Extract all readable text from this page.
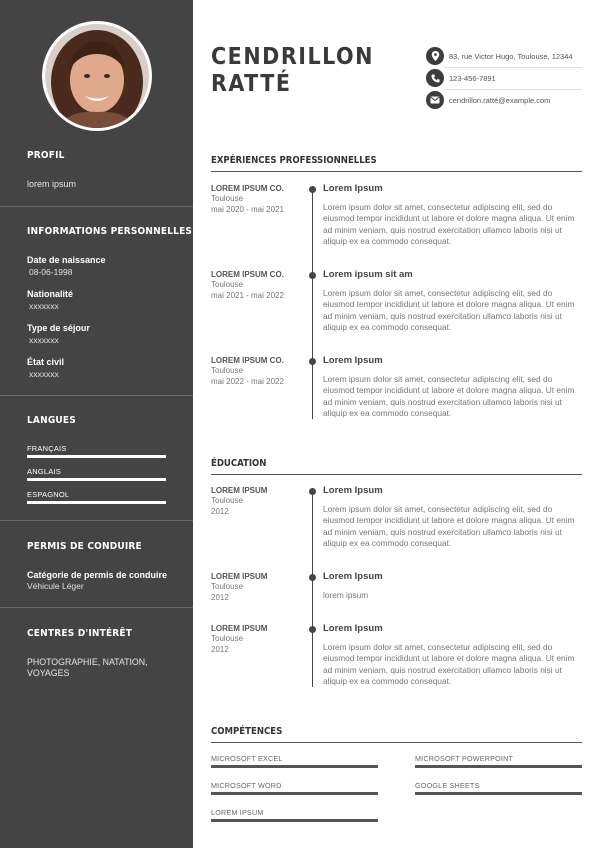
PROFIL
lorem ipsum
INFORMATIONS PERSONNELLES
Date de naissance
08-06-1998
Nationalité
xxxxxxx
Type de séjour
xxxxxxx
État civil
xxxxxxx
LANGUES
FRANÇAIS
ANGLAIS
ESPAGNOL
PERMIS DE CONDUIRE
Catégorie de permis de conduire
Véhicule Léger
CENTRES D'INTÉRÊT
PHOTOGRAPHIE, NATATION, VOYAGES
CENDRILLON
RATTÉ
83, rue Victor Hugo, Toulouse, 12344
123-456-7891
cendrillon.ratté@example.com
EXPÉRIENCES PROFESSIONNELLES
LOREM IPSUM CO.
Toulouse
mai 2020 - mai 2021
Lorem Ipsum
Lorem ipsum dolor sit amet, consectetur adipiscing elit, sed do eiusmod tempor incididunt ut labore et dolore magna aliqua. Ut enim ad minim veniam, quis nostrud exercitation ullamco laboris nisi ut aliquip ex ea commodo consequat.
LOREM IPSUM CO.
Toulouse
mai 2021 - mai 2022
Lorem ipsum sit am
Lorem ipsum dolor sit amet, consectetur adipiscing elit, sed do eiusmod tempor incididunt ut labore et dolore magna aliqua. Ut enim ad minim veniam, quis nostrud exercitation ullamco laboris nisi ut aliquip ex ea commodo consequat.
LOREM IPSUM CO.
Toulouse
mai 2022 - mai 2022
Lorem Ipsum
Lorem ipsum dolor sit amet, consectetur adipiscing elit, sed do eiusmod tempor incididunt ut labore et dolore magna aliqua. Ut enim ad minim veniam, quis nostrud exercitation ullamco laboris nisi ut aliquip ex ea commodo consequat.
ÉDUCATION
LOREM IPSUM
Toulouse
2012
Lorem Ipsum
Lorem ipsum dolor sit amet, consectetur adipiscing elit, sed do eiusmod tempor incididunt ut labore et dolore magna aliqua. Ut enim ad minim veniam, quis nostrud exercitation ullamco laboris nisi ut aliquip ex ea commodo consequat.
LOREM IPSUM
Toulouse
2012
Lorem Ipsum
lorem ipsum
LOREM IPSUM
Toulouse
2012
Lorem Ipsum
Lorem ipsum dolor sit amet, consectetur adipiscing elit, sed do eiusmod tempor incididunt ut labore et dolore magna aliqua. Ut enim ad minim veniam, quis nostrud exercitation ullamco laboris nisi ut aliquip ex ea commodo consequat.
COMPÉTENCES
MICROSOFT EXCEL	MICROSOFT POWERPOINT
MICROSOFT WORD	GOOGLE SHEETS
LOREM IPSUM
